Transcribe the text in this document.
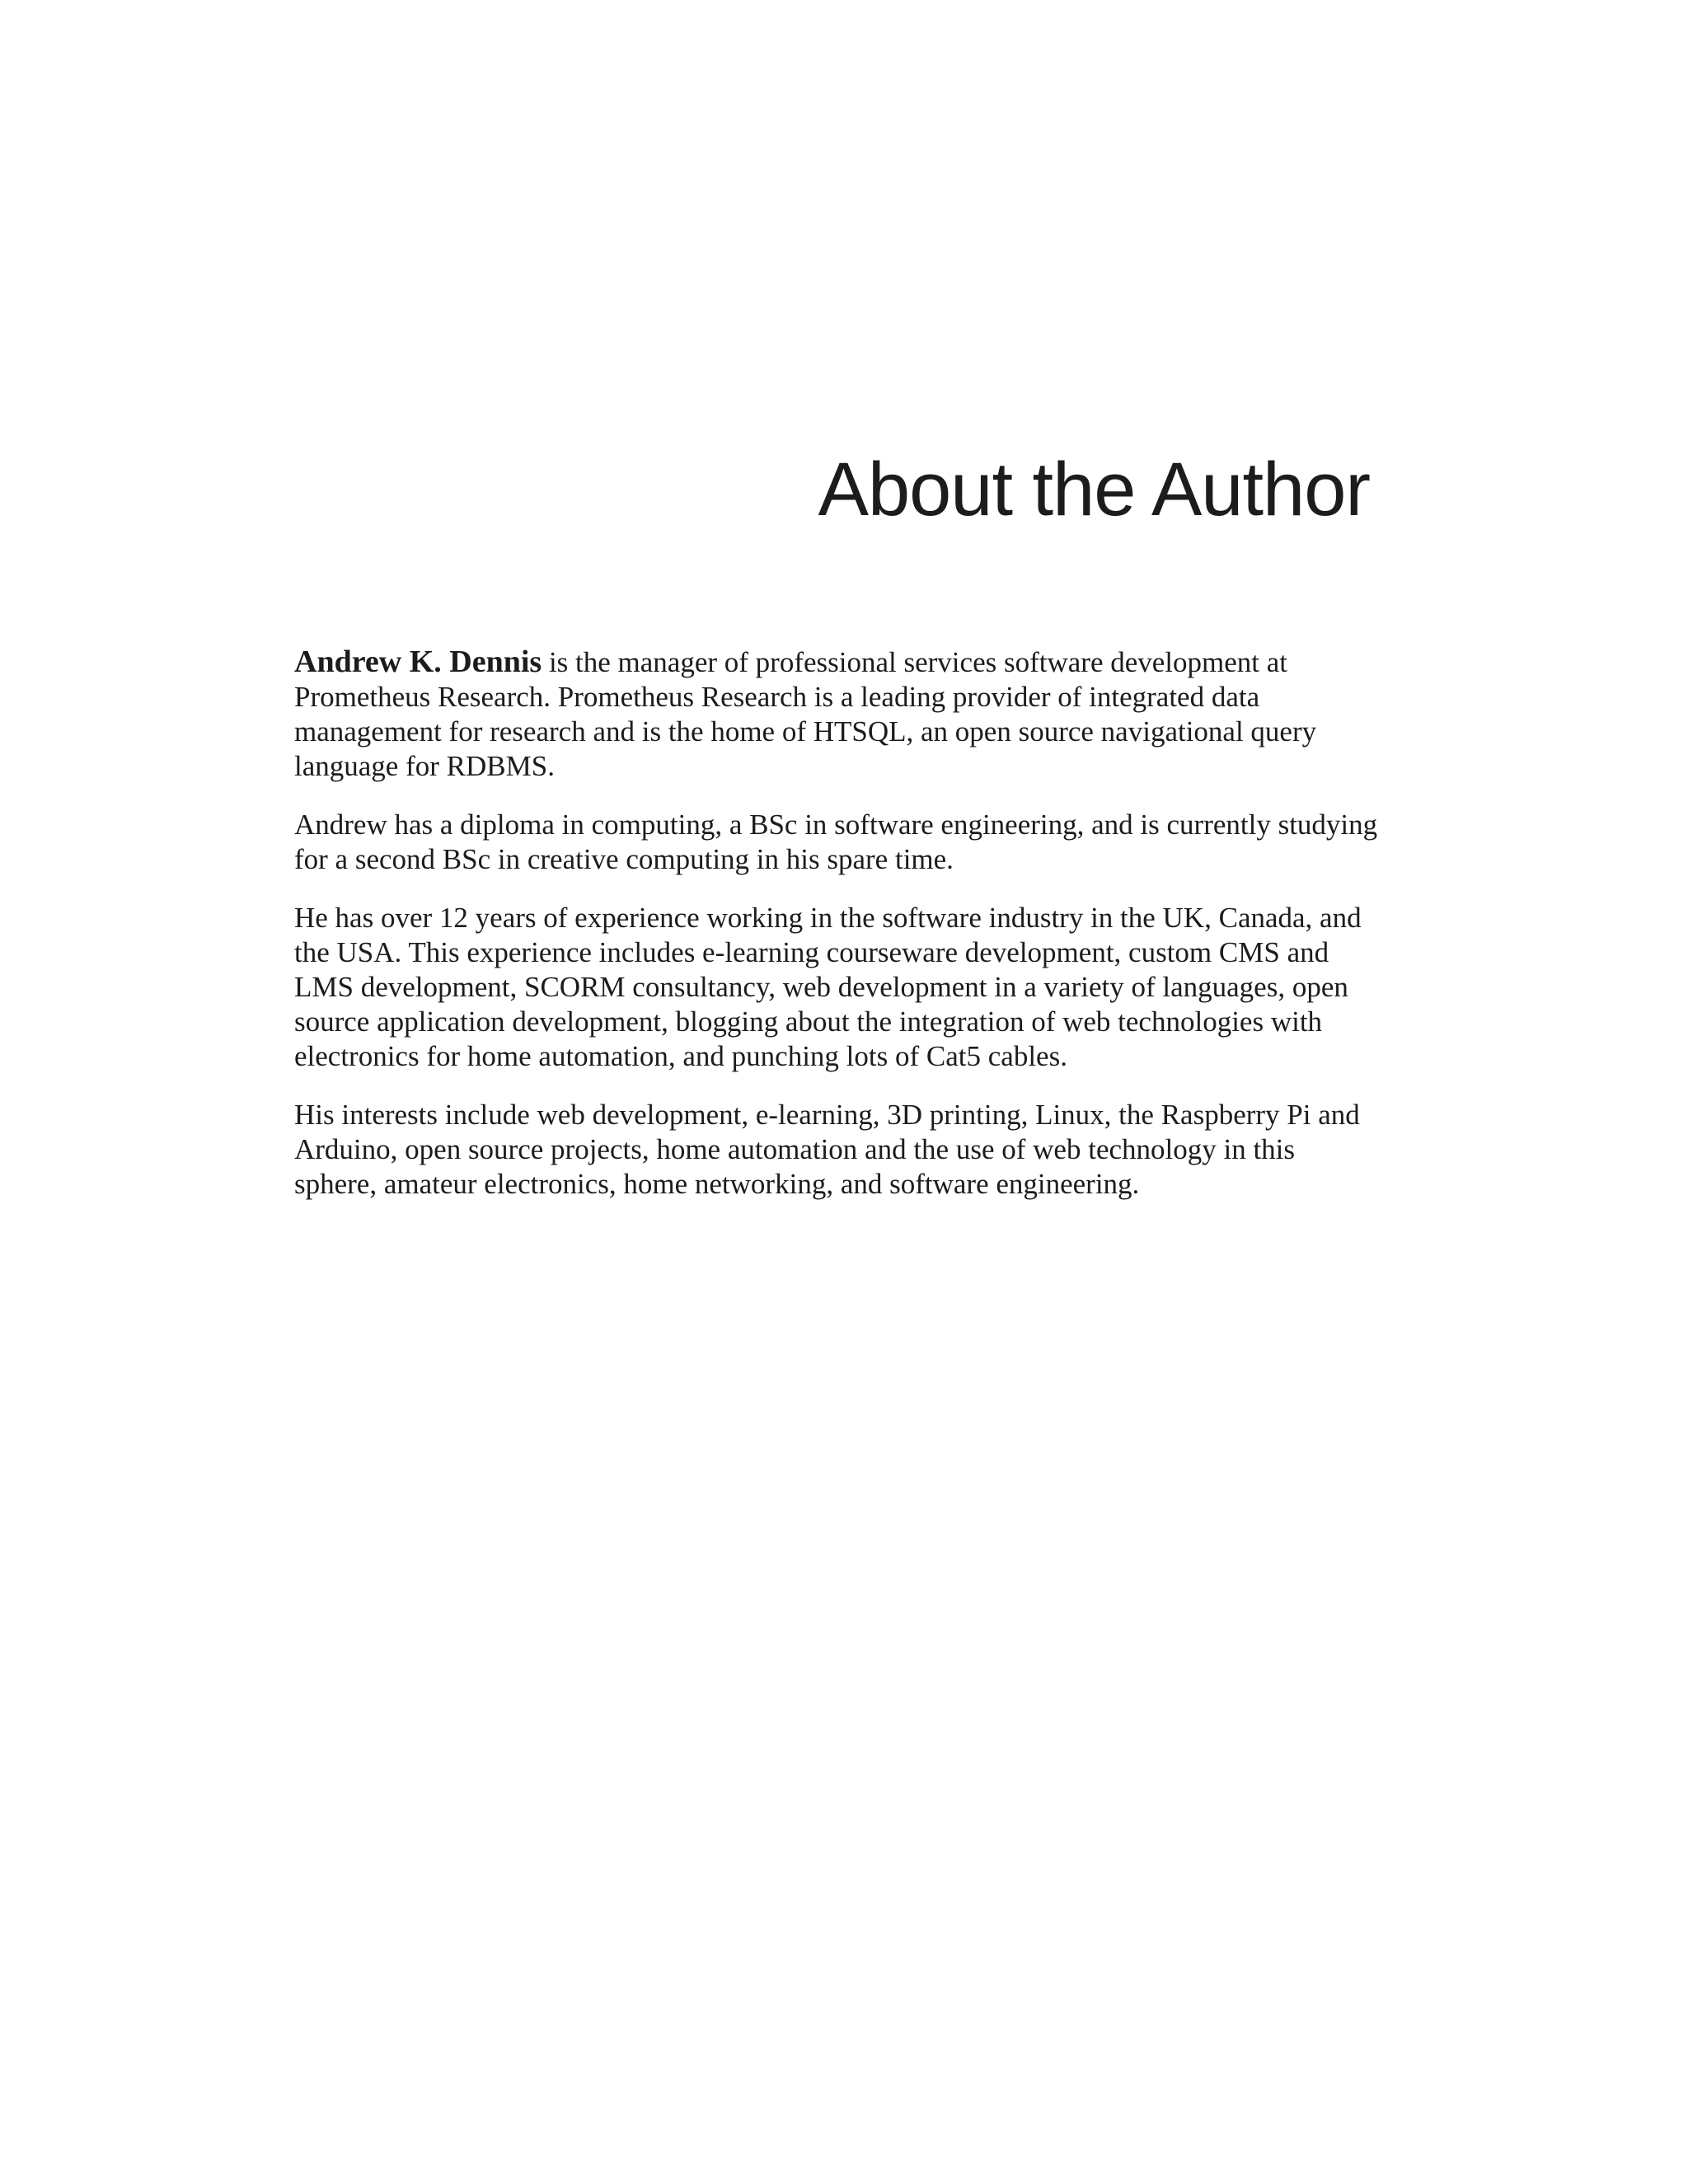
About the Author

Andrew K. Dennis is the manager of professional services software development at Prometheus Research. Prometheus Research is a leading provider of integrated data management for research and is the home of HTSQL, an open source navigational query language for RDBMS.

Andrew has a diploma in computing, a BSc in software engineering, and is currently studying for a second BSc in creative computing in his spare time.

He has over 12 years of experience working in the software industry in the UK, Canada, and the USA. This experience includes e-learning courseware development, custom CMS and LMS development, SCORM consultancy, web development in a variety of languages, open source application development, blogging about the integration of web technologies with electronics for home automation, and punching lots of Cat5 cables.

His interests include web development, e-learning, 3D printing, Linux, the Raspberry Pi and Arduino, open source projects, home automation and the use of web technology in this sphere, amateur electronics, home networking, and software engineering.
